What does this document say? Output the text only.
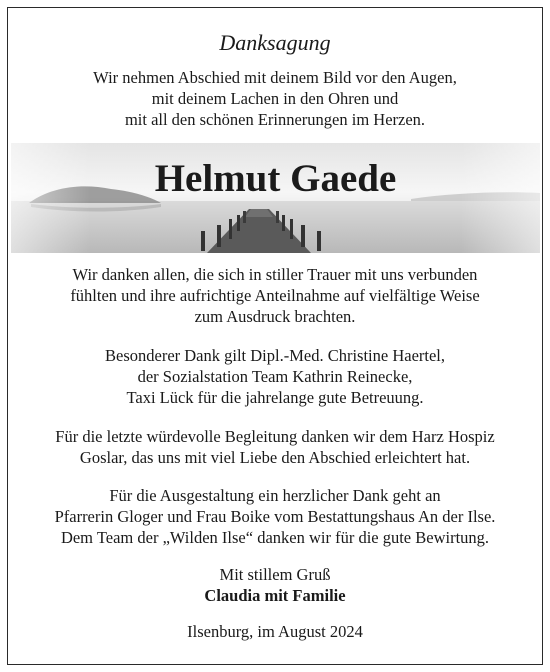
Danksagung
Wir nehmen Abschied mit deinem Bild vor den Augen,
mit deinem Lachen in den Ohren und
mit all den schönen Erinnerungen im Herzen.
Helmut Gaede
Wir danken allen, die sich in stiller Trauer mit uns verbunden
fühlten und ihre aufrichtige Anteilnahme auf vielfältige Weise
zum Ausdruck brachten.
Besonderer Dank gilt Dipl.-Med. Christine Haertel,
der Sozialstation Team Kathrin Reinecke,
Taxi Lück für die jahrelange gute Betreuung.
Für die letzte würdevolle Begleitung danken wir dem Harz Hospiz
Goslar, das uns mit viel Liebe den Abschied erleichtert hat.
Für die Ausgestaltung ein herzlicher Dank geht an
Pfarrerin Gloger und Frau Boike vom Bestattungshaus An der Ilse.
Dem Team der „Wilden Ilse“ danken wir für die gute Bewirtung.
Mit stillem Gruß
Claudia mit Familie
Ilsenburg, im August 2024
